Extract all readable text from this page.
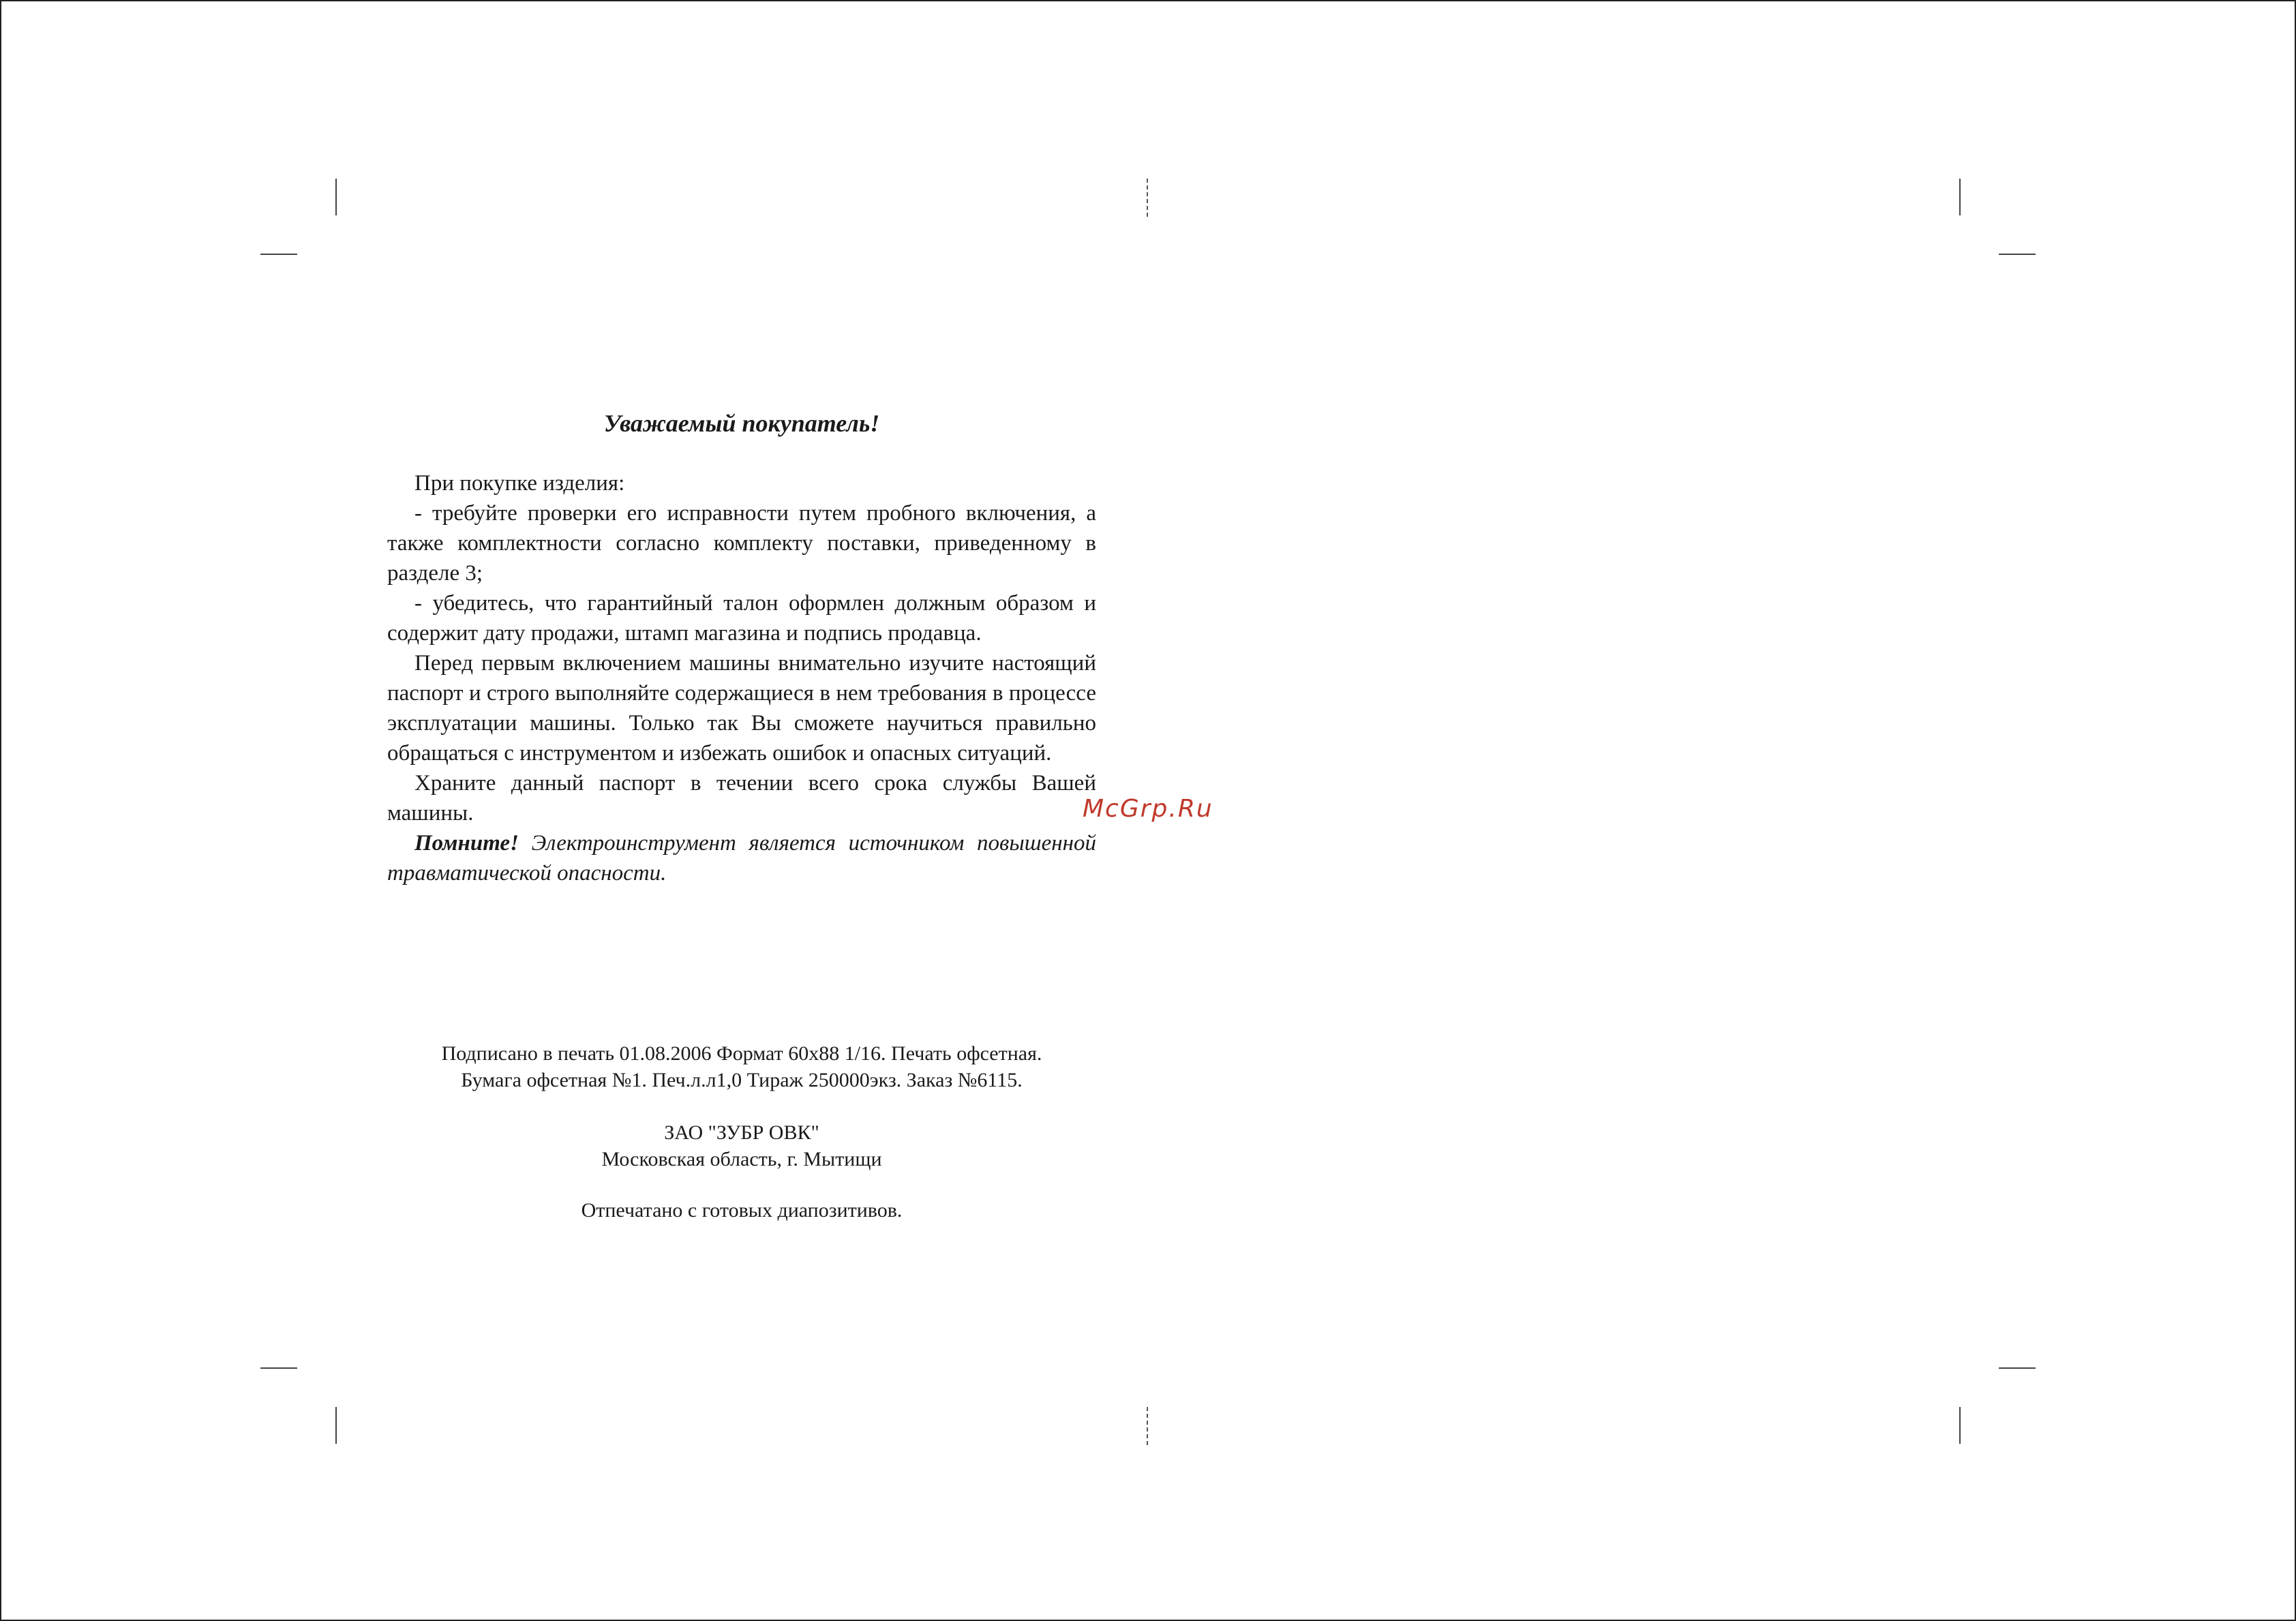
Уважаемый покупатель!

При покупке изделия:

- требуйте проверки его исправности путем пробного включения, а также комплектности согласно комплекту поставки, приведенному в разделе 3;

- убедитесь, что гарантийный талон оформлен должным образом и содержит дату продажи, штамп магазина и подпись продавца.

Перед первым включением машины внимательно изучите настоящий паспорт и строго выполняйте содержащиеся в нем требования в процессе эксплуатации машины. Только так Вы сможете научиться правильно обращаться с инструментом и избежать ошибок и опасных ситуаций.

Храните данный паспорт в течении всего срока службы Вашей машины.

Помните! Электроинструмент является источником повышенной травматической опасности.

Подписано в печать 01.08.2006 Формат 60x88 1/16. Печать офсетная.

Бумага офсетная №1. Печ.л.л1,0 Тираж 250000экз. Заказ №6115.

ЗАО "ЗУБР ОВК"

Московская область, г. Мытищи

Отпечатано с готовых диапозитивов.

McGrp.Ru
